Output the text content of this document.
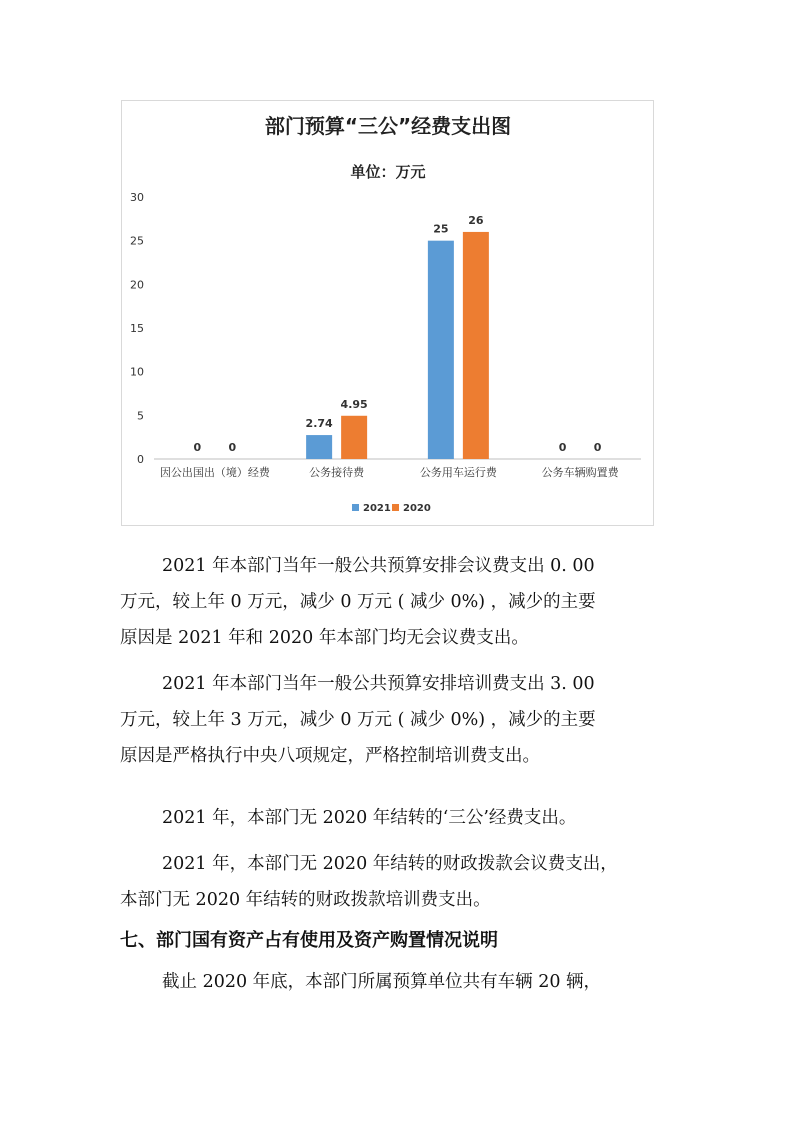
部门预算“三公”经费支出图
单位：万元
0
5
10
15
20
25
30
0 0
2.74
4.95
25
26
0 0
因公出国出（境）经费	公务接待费	公务用车运行费	公务车辆购置费
2021 2020
2021 年本部门当年一般公共预算安排会议费支出 0. 00
万元，较上年 0 万元，减少 0 万元 ( 减少 0%) ，减少的主要
原因是 2021 年和 2020 年本部门均无会议费支出。
2021 年本部门当年一般公共预算安排培训费支出 3. 00
万元，较上年 3 万元，减少 0 万元 ( 减少 0%) ，减少的主要
原因是严格执行中央八项规定，严格控制培训费支出。
2021 年，本部门无 2020 年结转的‘三公’经费支出。
2021 年，本部门无 2020 年结转的财政拨款会议费支出，
本部门无 2020 年结转的财政拨款培训费支出。
七、部门国有资产占有使用及资产购置情况说明
截止 2020 年底，本部门所属预算单位共有车辆 20 辆，
